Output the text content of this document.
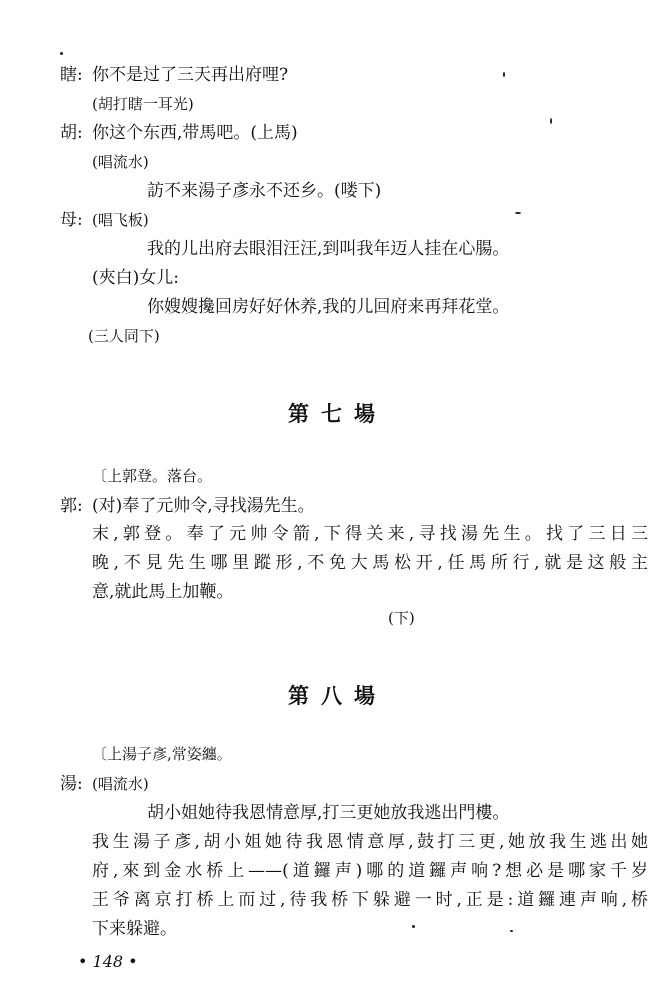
瞎: 你不是过了三天再出府哩?
(胡打瞎一耳光)
胡: 你这个东西,带馬吧。(上馬)
(唱流水)
訪不来湯子彥永不还乡。(喽下)
母: (唱飞板)
我的儿出府去眼泪汪汪,到叫我年迈人挂在心腸。
(夾白)女儿:
你嫂嫂攙回房好好休养,我的儿回府来再拜花堂。
(三人同下)
第七場
〔上郭登。落台。
郭: (对)奉了元帅令,寻找湯先生。
末,郭登。奉了元帅令箭,下得关来,寻找湯先生。找了三日三
晚,不見先生哪里蹤形,不免大馬松开,任馬所行,就是这般主
意,就此馬上加鞭。
(下)
第八場
〔上湯子彥,常姿纏。
湯: (唱流水)
胡小姐她待我恩情意厚,打三更她放我逃出門樓。
我生湯子彥,胡小姐她待我恩情意厚,鼓打三更,她放我生逃出她
府,來到金水桥上——(道鑼声)哪的道鑼声响?想必是哪家千岁
王爷离京打桥上而过,待我桥下躲避一时,正是:道鑼連声响,桥
下来躲避。
• 148 •
